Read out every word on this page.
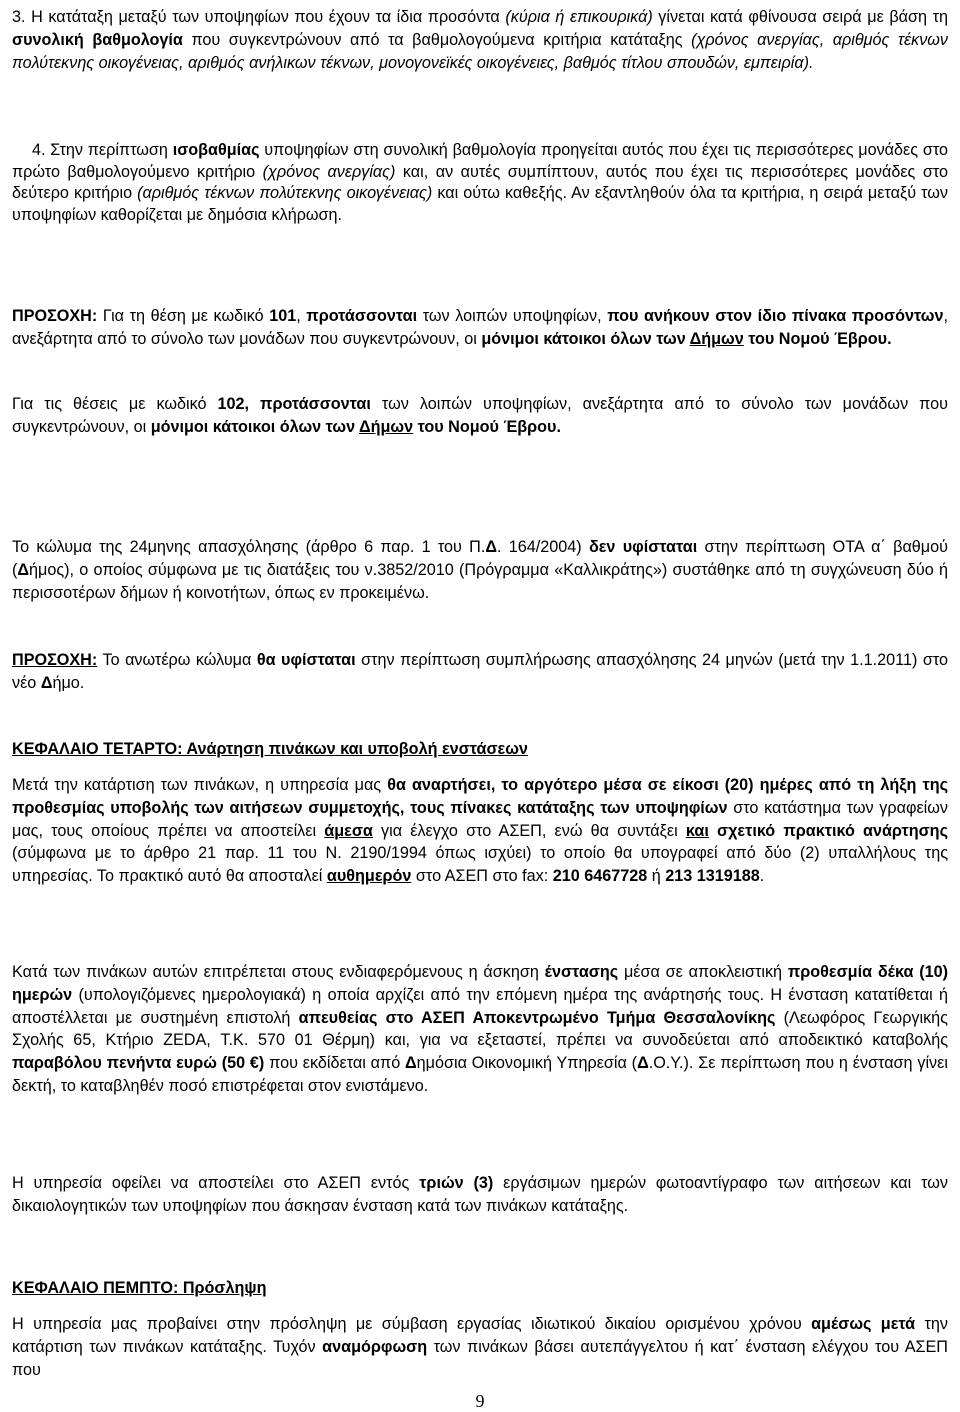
3. Η κατάταξη μεταξύ των υποψηφίων που έχουν τα ίδια προσόντα (κύρια ή επικουρικά) γίνεται κατά φθίνουσα σειρά με βάση τη συνολική βαθμολογία που συγκεντρώνουν από τα βαθμολογούμενα κριτήρια κατάταξης (χρόνος ανεργίας, αριθμός τέκνων πολύτεκνης οικογένειας, αριθμός ανήλικων τέκνων, μονογονεϊκές οικογένειες, βαθμός τίτλου σπουδών, εμπειρία).

4. Στην περίπτωση ισοβαθμίας υποψηφίων στη συνολική βαθμολογία προηγείται αυτός που έχει τις περισσότερες μονάδες στο πρώτο βαθμολογούμενο κριτήριο (χρόνος ανεργίας) και, αν αυτές συμπίπτουν, αυτός που έχει τις περισσότερες μονάδες στο δεύτερο κριτήριο (αριθμός τέκνων πολύτεκνης οικογένειας) και ούτω καθεξής. Αν εξαντληθούν όλα τα κριτήρια, η σειρά μεταξύ των υποψηφίων καθορίζεται με δημόσια κλήρωση.

ΠΡΟΣΟΧΗ: Για τη θέση με κωδικό 101, προτάσσονται των λοιπών υποψηφίων, που ανήκουν στον ίδιο πίνακα προσόντων, ανεξάρτητα από το σύνολο των μονάδων που συγκεντρώνουν, οι μόνιμοι κάτοικοι όλων των Δήμων του Νομού Έβρου.

Για τις θέσεις με κωδικό 102, προτάσσονται των λοιπών υποψηφίων, ανεξάρτητα από το σύνολο των μονάδων που συγκεντρώνουν, οι μόνιμοι κάτοικοι όλων των Δήμων του Νομού Έβρου.

Το κώλυμα της 24μηνης απασχόλησης (άρθρο 6 παρ. 1 του Π.Δ. 164/2004) δεν υφίσταται στην περίπτωση ΟΤΑ α΄ βαθμού (Δήμος), ο οποίος σύμφωνα με τις διατάξεις του ν.3852/2010 (Πρόγραμμα «Καλλικράτης») συστάθηκε από τη συγχώνευση δύο ή περισσοτέρων δήμων ή κοινοτήτων, όπως εν προκειμένω.

ΠΡΟΣΟΧΗ: Το ανωτέρω κώλυμα θα υφίσταται στην περίπτωση συμπλήρωσης απασχόλησης 24 μηνών (μετά την 1.1.2011) στο νέο Δήμο.

ΚΕΦΑΛΑΙΟ ΤΕΤΑΡΤΟ: Ανάρτηση πινάκων και υποβολή ενστάσεων

Μετά την κατάρτιση των πινάκων, η υπηρεσία μας θα αναρτήσει, το αργότερο μέσα σε είκοσι (20) ημέρες από τη λήξη της προθεσμίας υποβολής των αιτήσεων συμμετοχής, τους πίνακες κατάταξης των υποψηφίων στο κατάστημα των γραφείων μας, τους οποίους πρέπει να αποστείλει άμεσα για έλεγχο στο ΑΣΕΠ, ενώ θα συντάξει και σχετικό πρακτικό ανάρτησης (σύμφωνα με το άρθρο 21 παρ. 11 του Ν. 2190/1994 όπως ισχύει) το οποίο θα υπογραφεί από δύο (2) υπαλλήλους της υπηρεσίας. Το πρακτικό αυτό θα αποσταλεί αυθημερόν στο ΑΣΕΠ στο fax: 210 6467728 ή 213 1319188.

Κατά των πινάκων αυτών επιτρέπεται στους ενδιαφερόμενους η άσκηση ένστασης μέσα σε αποκλειστική προθεσμία δέκα (10) ημερών (υπολογιζόμενες ημερολογιακά) η οποία αρχίζει από την επόμενη ημέρα της ανάρτησής τους. Η ένσταση κατατίθεται ή αποστέλλεται με συστημένη επιστολή απευθείας στο ΑΣΕΠ Αποκεντρωμένο Τμήμα Θεσσαλονίκης (Λεωφόρος Γεωργικής Σχολής 65, Κτήριο ZEDA, Τ.Κ. 570 01 Θέρμη) και, για να εξεταστεί, πρέπει να συνοδεύεται από αποδεικτικό καταβολής παραβόλου πενήντα ευρώ (50 €) που εκδίδεται από Δημόσια Οικονομική Υπηρεσία (Δ.Ο.Υ.). Σε περίπτωση που η ένσταση γίνει δεκτή, το καταβληθέν ποσό επιστρέφεται στον ενιστάμενο.

Η υπηρεσία οφείλει να αποστείλει στο ΑΣΕΠ εντός τριών (3) εργάσιμων ημερών φωτοαντίγραφο των αιτήσεων και των δικαιολογητικών των υποψηφίων που άσκησαν ένσταση κατά των πινάκων κατάταξης.

ΚΕΦΑΛΑΙΟ ΠΕΜΠΤΟ: Πρόσληψη

Η υπηρεσία μας προβαίνει στην πρόσληψη με σύμβαση εργασίας ιδιωτικού δικαίου ορισμένου χρόνου αμέσως μετά την κατάρτιση των πινάκων κατάταξης. Τυχόν αναμόρφωση των πινάκων βάσει αυτεπάγγελτου ή κατ΄ ένσταση ελέγχου του ΑΣΕΠ που

9
